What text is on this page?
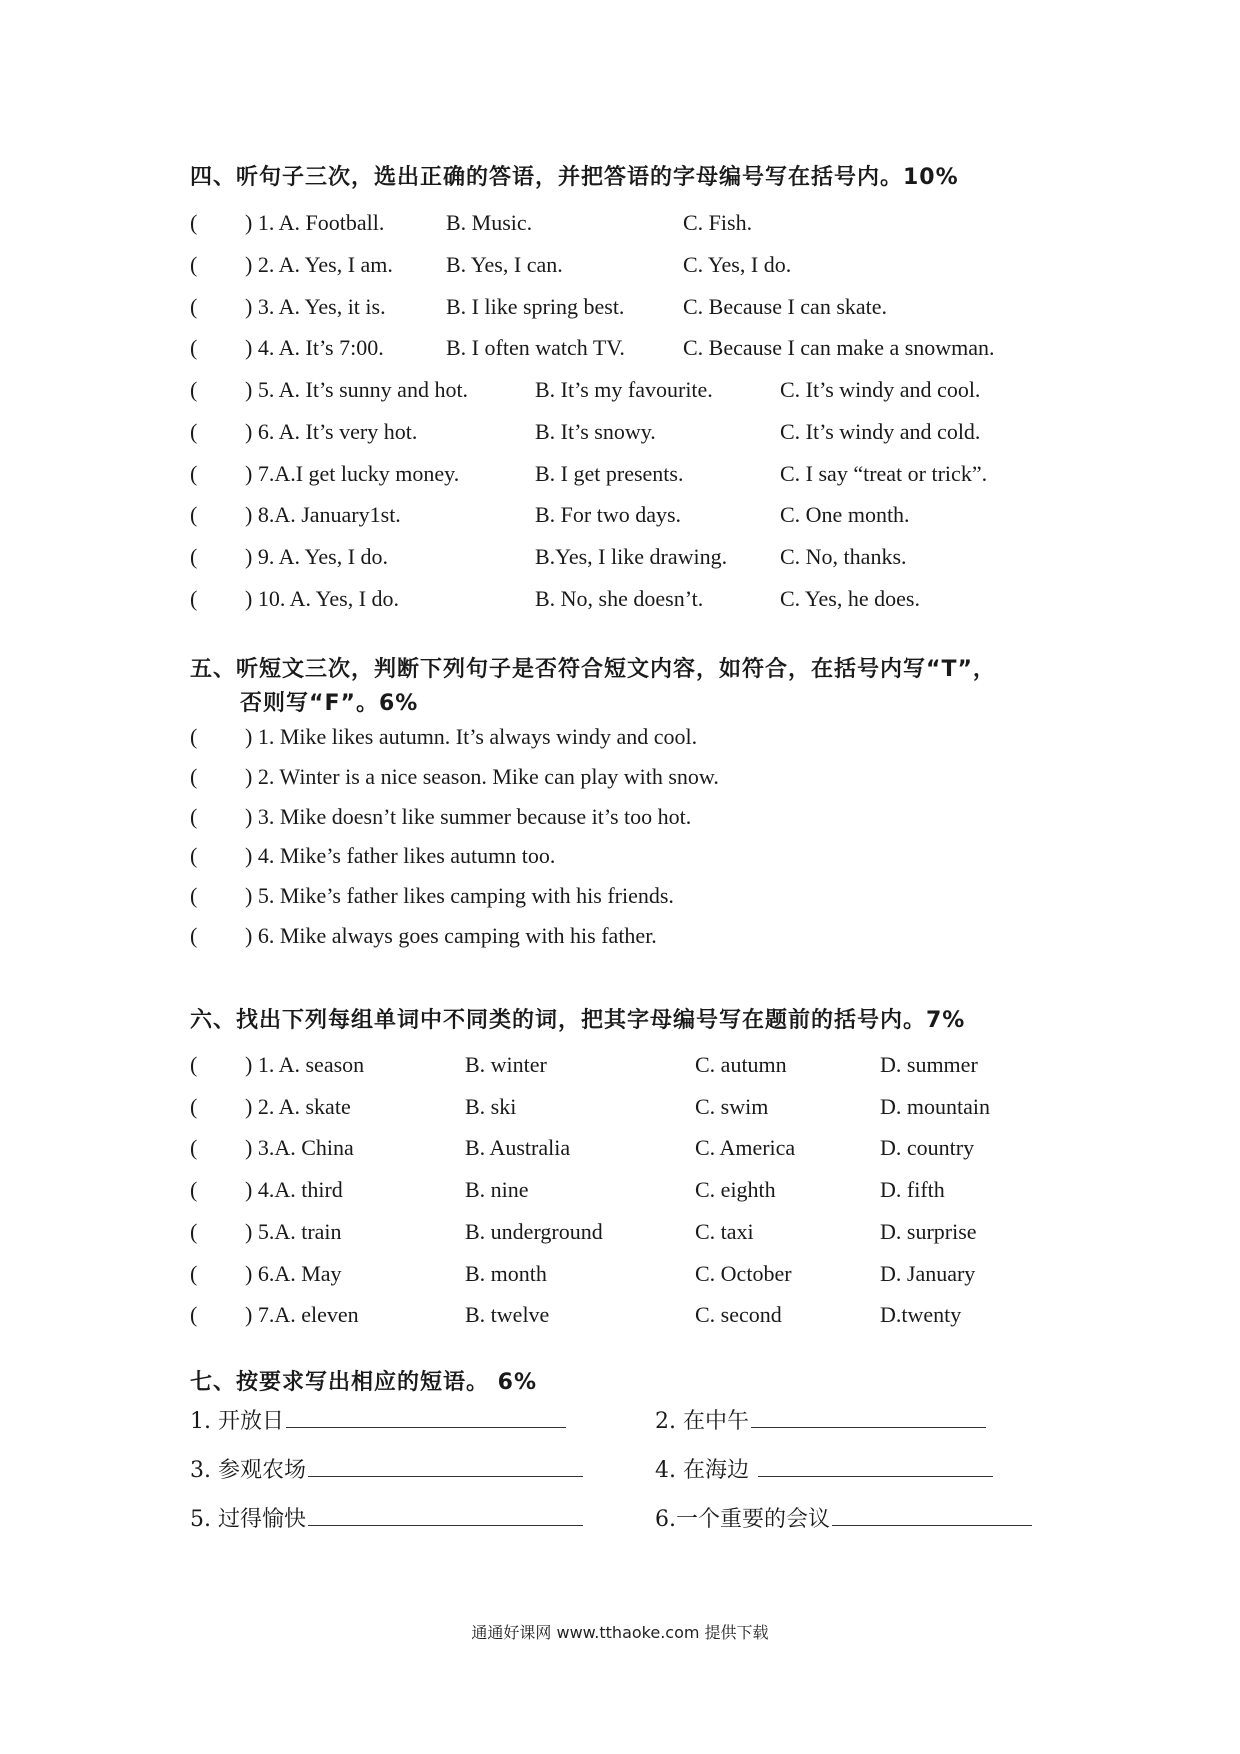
四、听句子三次，选出正确的答语，并把答语的字母编号写在括号内。10%
( ) 1. A. Football.	B. Music.	C. Fish.
( ) 2. A. Yes, I am. B. Yes, I can.	C. Yes, I do.
( ) 3. A. Yes, it is.	B. I like spring best.	C. Because I can skate.
( ) 4. A. It’s 7:00.	B. I often watch TV.	C. Because I can make a snowman.
( ) 5. A. It’s sunny and hot.	B. It’s my favourite.	C. It’s windy and cool.
( ) 6. A. It’s very hot.	B. It’s snowy.	C. It’s windy and cold.
( ) 7.A.I get lucky money.	B. I get presents.	C. I say “treat or trick”.
( ) 8.A. January1st.	B. For two days.	C. One month.
( ) 9. A. Yes, I do.	B.Yes, I like drawing. C. No, thanks.
( ) 10. A. Yes, I do.	B. No, she doesn’t.	C. Yes, he does.
五、听短文三次，判断下列句子是否符合短文内容，如符合，在括号内写“T”，
否则写“F”。6%
( ) 1. Mike likes autumn. It’s always windy and cool.
( ) 2. Winter is a nice season. Mike can play with snow.
( ) 3. Mike doesn’t like summer because it’s too hot.
( ) 4. Mike’s father likes autumn too.
( ) 5. Mike’s father likes camping with his friends.
( ) 6. Mike always goes camping with his father.
六、找出下列每组单词中不同类的词，把其字母编号写在题前的括号内。7%
( ) 1. A. season	B. winter	C. autumn	D. summer
( ) 2. A. skate	B. ski	C. swim	D. mountain
( ) 3.A. China	B. Australia	C. America	D. country
( ) 4.A. third	B. nine	C. eighth	D. fifth
( ) 5.A. train	B. underground	C. taxi	D. surprise
( ) 6.A. May	B. month	C. October	D. January
( ) 7.A. eleven	B. twelve	C. second	D.twenty
七、按要求写出相应的短语。 6%
1. 开放日	2. 在中午
3. 参观农场	4. 在海边
5. 过得愉快	6.一个重要的会议
通通好课网 www.tthaoke.com 提供下载
